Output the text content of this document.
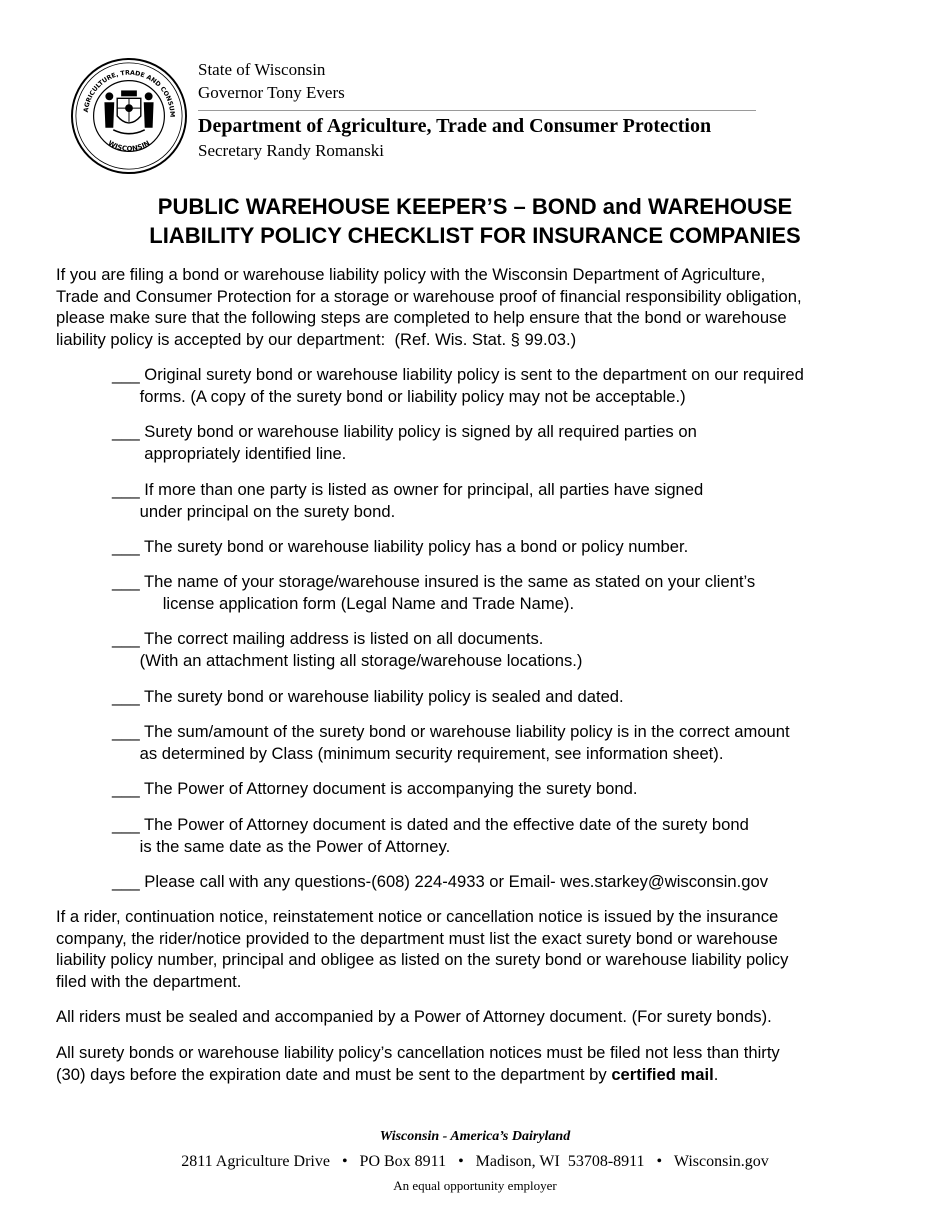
AGRICULTURE, TRADE AND CONSUM
WISCONSIN
State of Wisconsin
Governor Tony Evers
Department of Agriculture, Trade and Consumer Protection
Secretary Randy Romanski
PUBLIC WAREHOUSE KEEPER’S – BOND and WAREHOUSE
LIABILITY POLICY CHECKLIST FOR INSURANCE COMPANIES
If you are filing a bond or warehouse liability policy with the Wisconsin Department of Agriculture,
Trade and Consumer Protection for a storage or warehouse proof of financial responsibility obligation,
please make sure that the following steps are completed to help ensure that the bond or warehouse
liability policy is accepted by our department:  (Ref. Wis. Stat. § 99.03.)
___ Original surety bond or warehouse liability policy is sent to the department on our required
forms. (A copy of the surety bond or liability policy may not be acceptable.)
___ Surety bond or warehouse liability policy is signed by all required parties on
appropriately identified line.
___ If more than one party is listed as owner for principal, all parties have signed
under principal on the surety bond.
___ The surety bond or warehouse liability policy has a bond or policy number.
___ The name of your storage/warehouse insured is the same as stated on your client’s
license application form (Legal Name and Trade Name).
___ The correct mailing address is listed on all documents.
(With an attachment listing all storage/warehouse locations.)
___ The surety bond or warehouse liability policy is sealed and dated.
___ The sum/amount of the surety bond or warehouse liability policy is in the correct amount
as determined by Class (minimum security requirement, see information sheet).
___ The Power of Attorney document is accompanying the surety bond.
___ The Power of Attorney document is dated and the effective date of the surety bond
is the same date as the Power of Attorney.
___ Please call with any questions-(608) 224-4933 or Email- wes.starkey@wisconsin.gov
If a rider, continuation notice, reinstatement notice or cancellation notice is issued by the insurance
company, the rider/notice provided to the department must list the exact surety bond or warehouse
liability policy number, principal and obligee as listed on the surety bond or warehouse liability policy
filed with the department.
All riders must be sealed and accompanied by a Power of Attorney document. (For surety bonds).
All surety bonds or warehouse liability policy’s cancellation notices must be filed not less than thirty
(30) days before the expiration date and must be sent to the department by certified mail.
Wisconsin - America’s Dairyland
2811 Agriculture Drive   •   PO Box 8911   •   Madison, WI  53708-8911   •   Wisconsin.gov
An equal opportunity employer
